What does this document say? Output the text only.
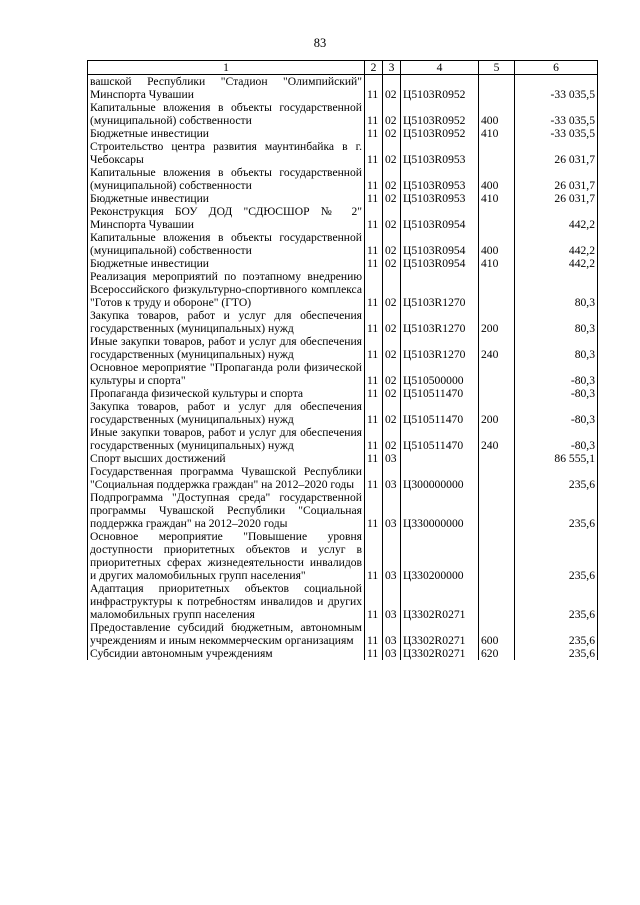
83
1	2	3	4	5	6
вашской Республики "Стадион "Олимпийский" Минспорта Чувашии	11	02	Ц5103R0952		-33 035,5
Капитальные вложения в объекты государственной (муниципальной) собственности	11	02	Ц5103R0952	400	-33 035,5
Бюджетные инвестиции	11	02	Ц5103R0952	410	-33 035,5
Строительство центра развития маунтинбайка в г. Чебоксары	11	02	Ц5103R0953		26 031,7
Капитальные вложения в объекты государственной (муниципальной) собственности	11	02	Ц5103R0953	400	26 031,7
Бюджетные инвестиции	11	02	Ц5103R0953	410	26 031,7
Реконструкция БОУ ДОД "СДЮСШОР № 2" Минспорта Чувашии	11	02	Ц5103R0954		442,2
Капитальные вложения в объекты государственной (муниципальной) собственности	11	02	Ц5103R0954	400	442,2
Бюджетные инвестиции	11	02	Ц5103R0954	410	442,2
Реализация мероприятий по поэтапному внедрению Всероссийского физкультурно-спортивного комплекса "Готов к труду и обороне" (ГТО)	11	02	Ц5103R1270		80,3
Закупка товаров, работ и услуг для обеспечения государственных (муниципальных) нужд	11	02	Ц5103R1270	200	80,3
Иные закупки товаров, работ и услуг для обеспечения государственных (муниципальных) нужд	11	02	Ц5103R1270	240	80,3
Основное мероприятие "Пропаганда роли физической культуры и спорта"	11	02	Ц510500000		-80,3
Пропаганда физической культуры и спорта	11	02	Ц510511470		-80,3
Закупка товаров, работ и услуг для обеспечения государственных (муниципальных) нужд	11	02	Ц510511470	200	-80,3
Иные закупки товаров, работ и услуг для обеспечения государственных (муниципальных) нужд	11	02	Ц510511470	240	-80,3
Спорт высших достижений	11	03			86 555,1
Государственная программа Чувашской Республики "Социальная поддержка граждан" на 2012–2020 годы	11	03	Ц300000000		235,6
Подпрограмма "Доступная среда" государственной программы Чувашской Республики "Социальная поддержка граждан" на 2012–2020 годы	11	03	Ц330000000		235,6
Основное мероприятие "Повышение уровня доступности приоритетных объектов и услуг в приоритетных сферах жизнедеятельности инвалидов и других маломобильных групп населения"	11	03	Ц330200000		235,6
Адаптация приоритетных объектов социальной инфраструктуры к потребностям инвалидов и других маломобильных групп населения	11	03	Ц3302R0271		235,6
Предоставление субсидий бюджетным, автономным учреждениям и иным некоммерческим организациям	11	03	Ц3302R0271	600	235,6
Субсидии автономным учреждениям	11	03	Ц3302R0271	620	235,6
